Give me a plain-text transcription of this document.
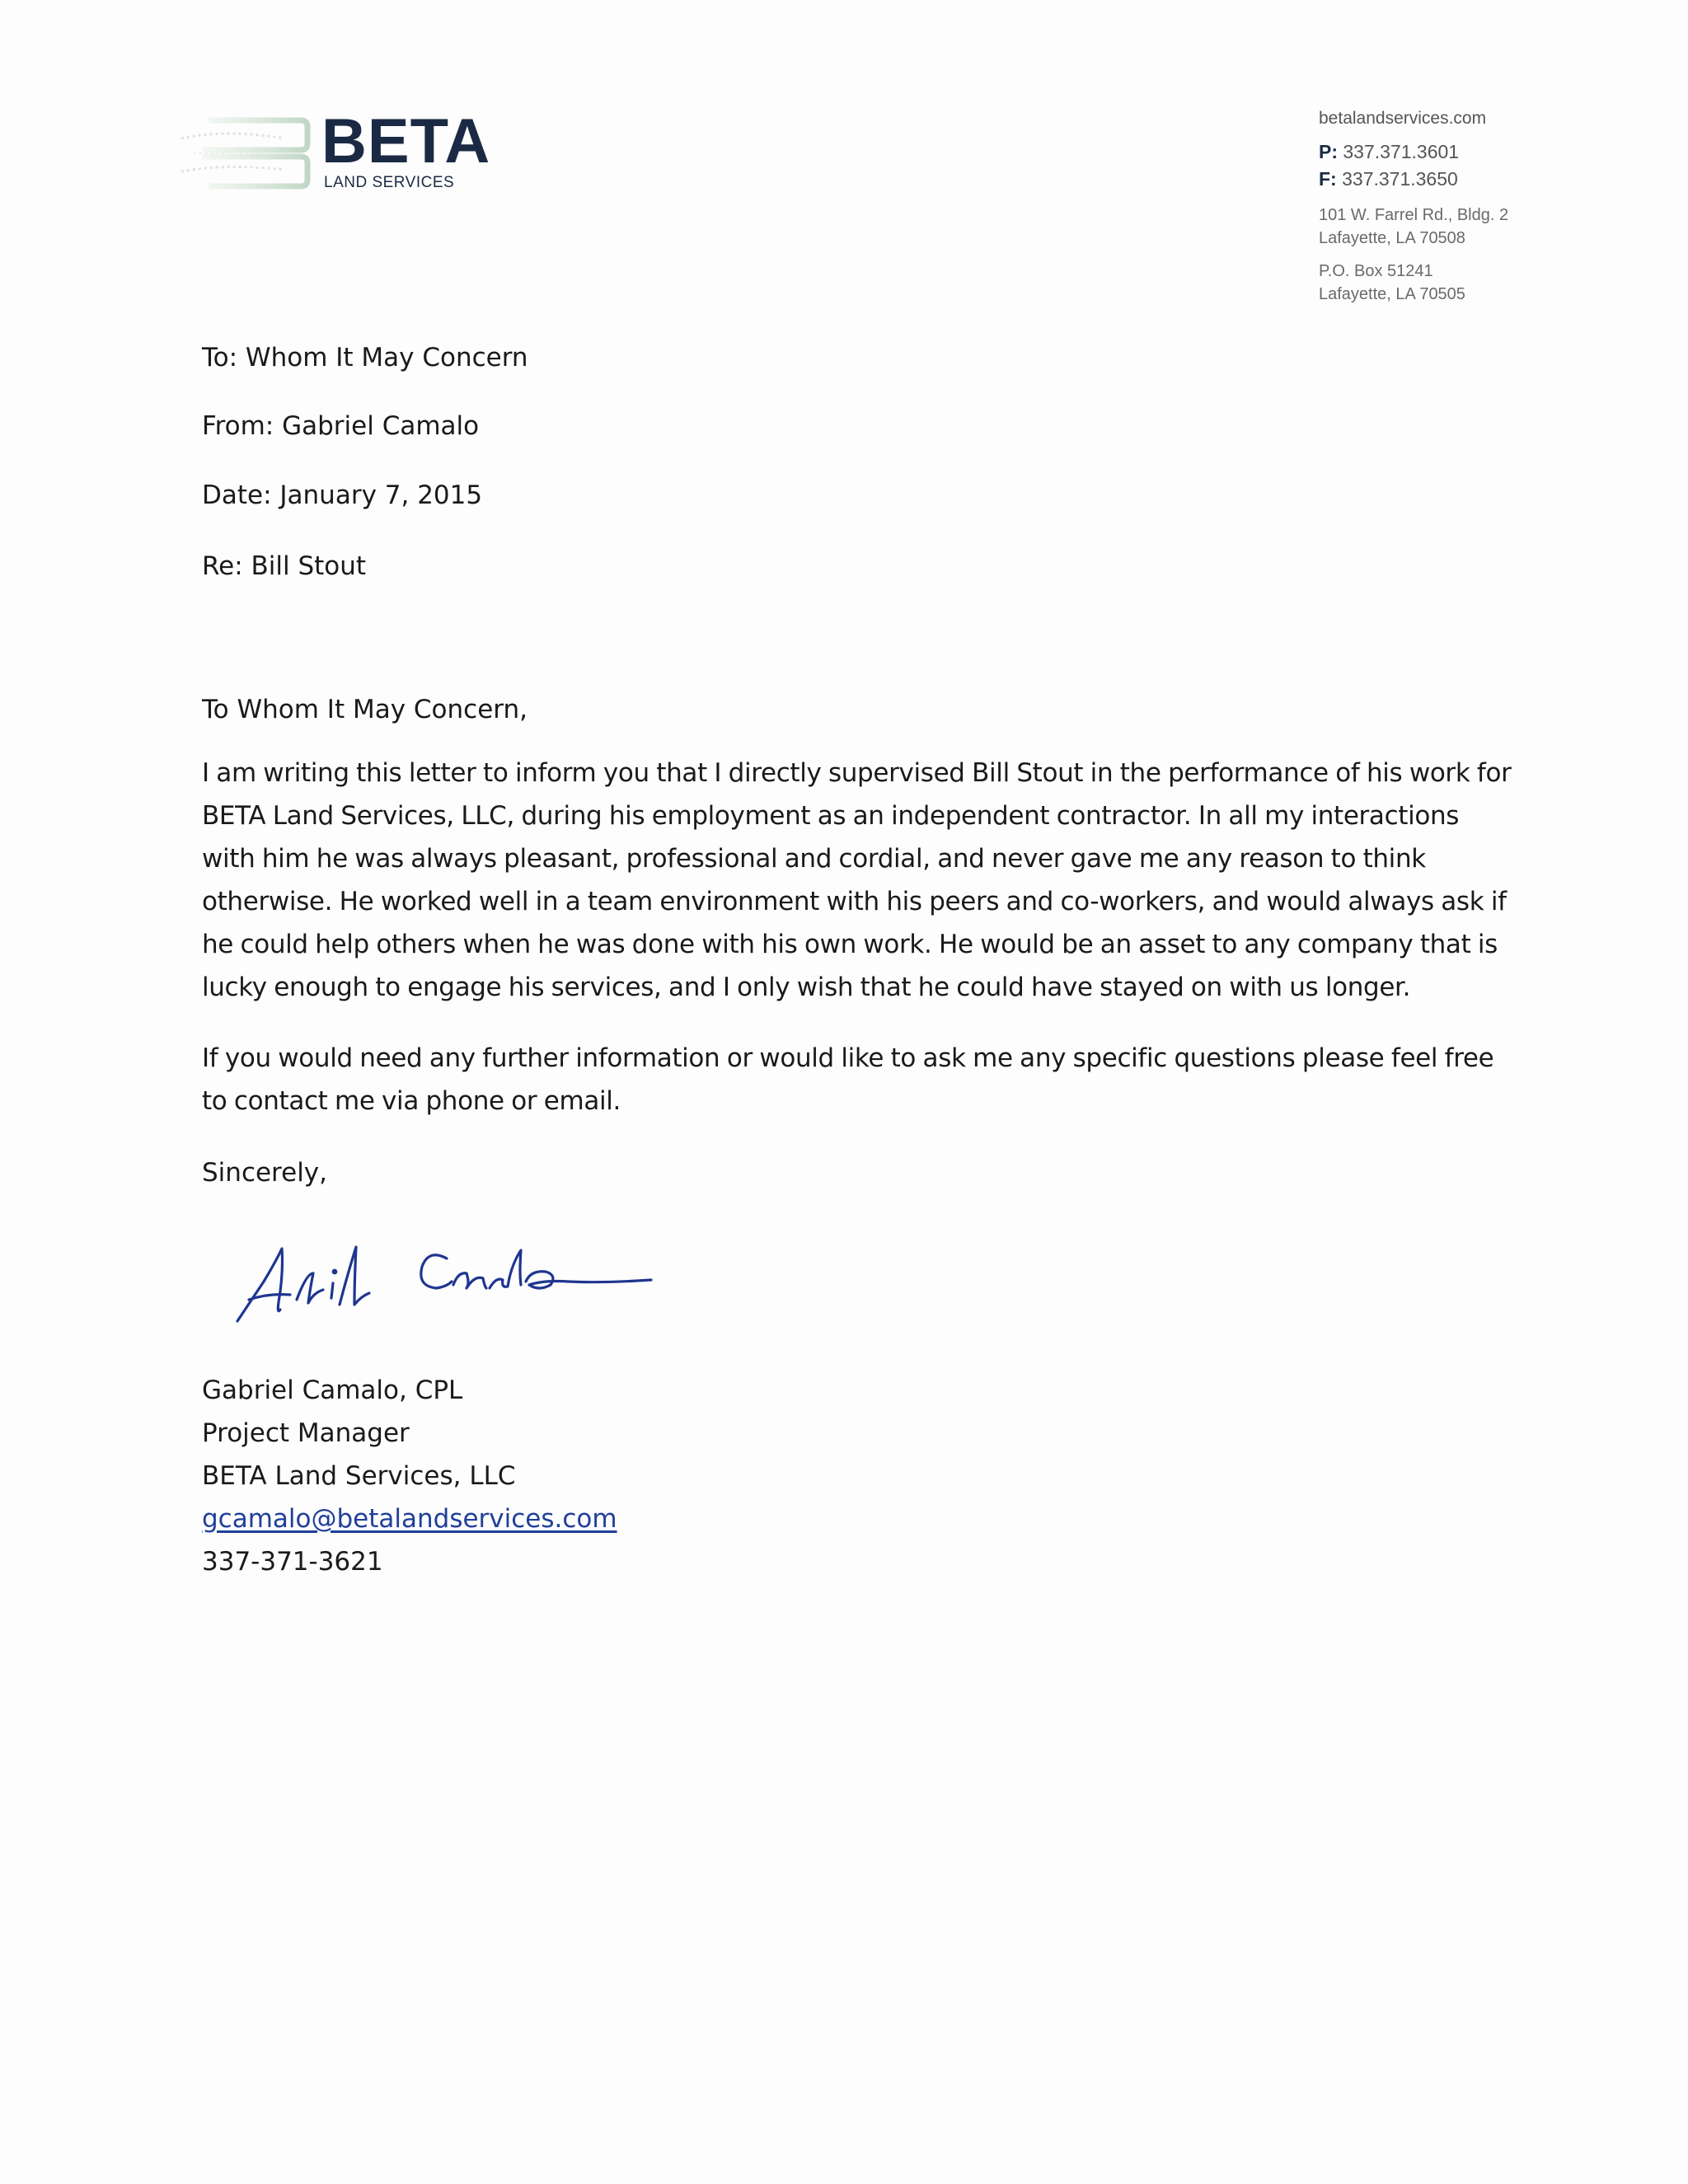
BETA
LAND SERVICES
betalandservices.com
P: 337.371.3601
F: 337.371.3650
101 W. Farrel Rd., Bldg. 2
Lafayette, LA 70508
P.O. Box 51241
Lafayette, LA 70505
To: Whom It May Concern
From: Gabriel Camalo
Date: January 7, 2015
Re: Bill Stout
To Whom It May Concern,

I am writing this letter to inform you that I directly supervised Bill Stout in the performance of his work for BETA Land Services, LLC, during his employment as an independent contractor. In all my interactions with him he was always pleasant, professional and cordial, and never gave me any reason to think otherwise. He worked well in a team environment with his peers and co-workers, and would always ask if he could help others when he was done with his own work. He would be an asset to any company that is lucky enough to engage his services, and I only wish that he could have stayed on with us longer.

If you would need any further information or would like to ask me any specific questions please feel free to contact me via phone or email.

Sincerely,
Gabriel Camalo, CPL
Project Manager
BETA Land Services, LLC
gcamalo@betalandservices.com
337-371-3621
